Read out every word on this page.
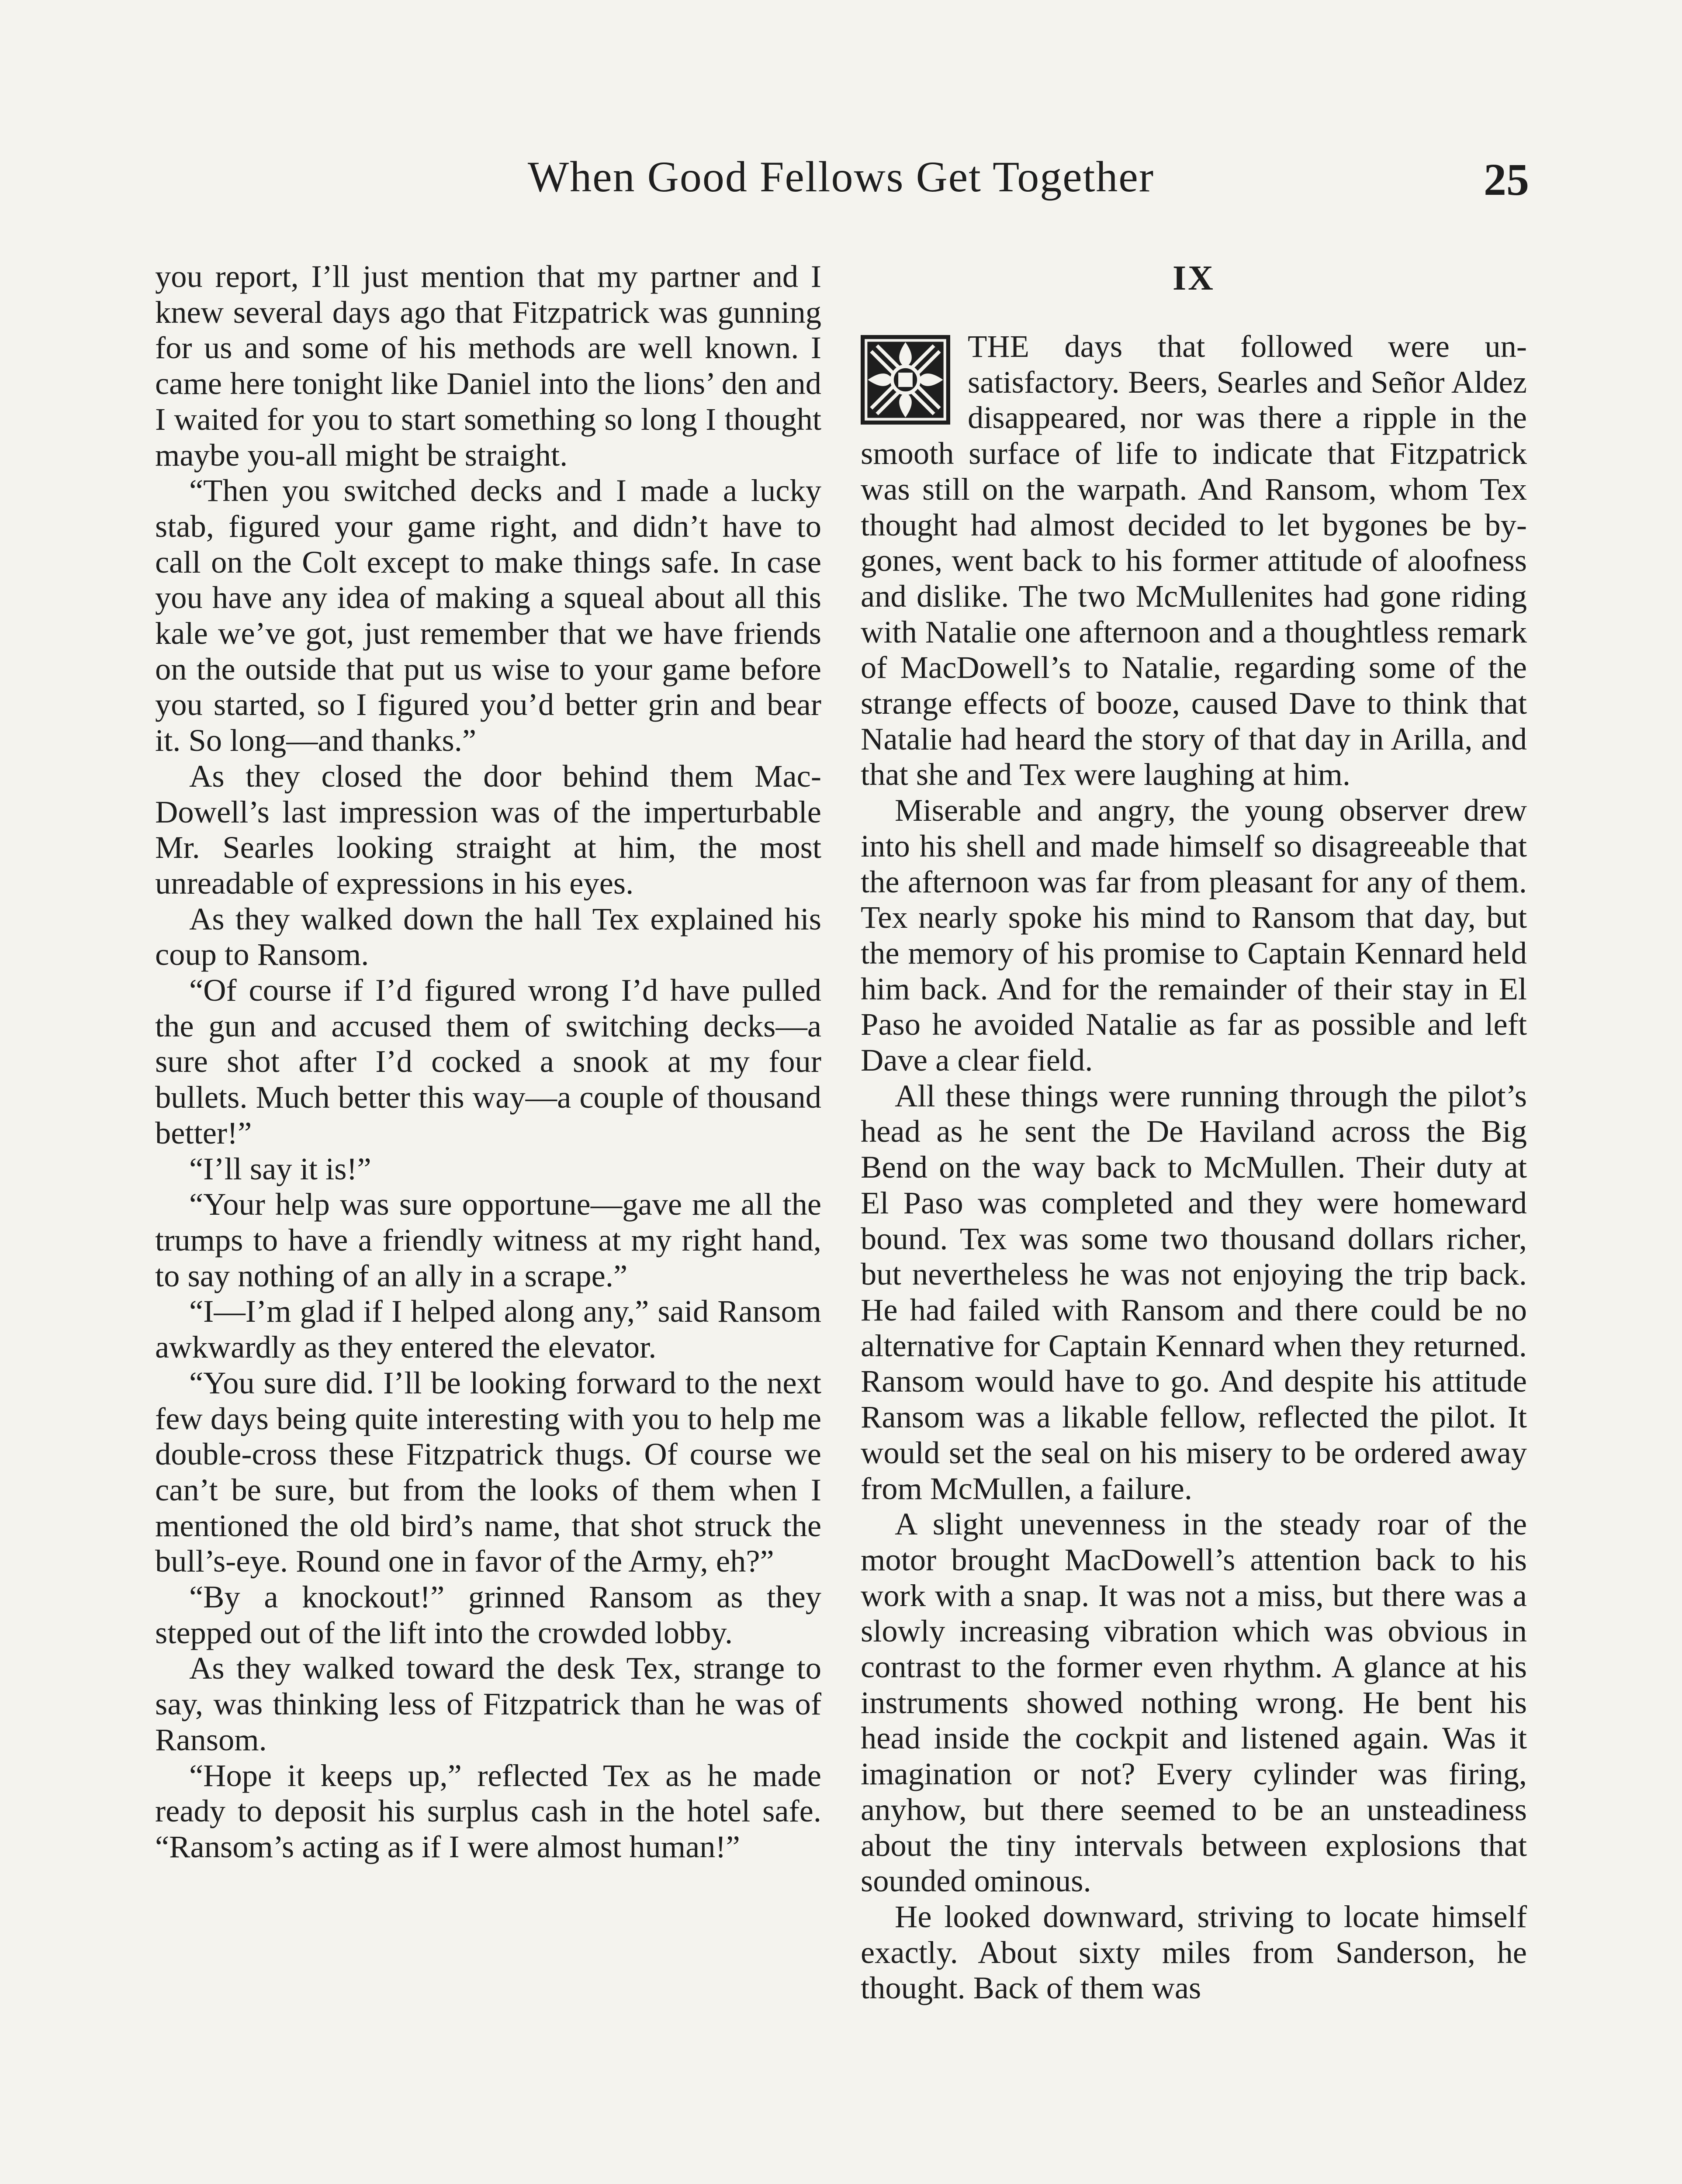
When Good Fellows Get Together	25

you report, I’ll just mention that my partner and I knew several days ago that Fitzpatrick was gunning for us and some of his methods are well known. I came here tonight like Daniel into the lions’ den and I waited for you to start something so long I thought maybe you-all might be straight.

“Then you switched decks and I made a lucky stab, figured your game right, and didn’t have to call on the Colt except to make things safe. In case you have any idea of making a squeal about all this kale we’ve got, just remember that we have friends on the outside that put us wise to your game before you started, so I figured you’d better grin and bear it. So long—and thanks.”

As they closed the door behind them MacDowell’s last impression was of the imperturbable Mr. Searles looking straight at him, the most unreadable of expressions in his eyes.

As they walked down the hall Tex explained his coup to Ransom.

“Of course if I’d figured wrong I’d have pulled the gun and accused them of switching decks—a sure shot after I’d cocked a snook at my four bullets. Much better this way—a couple of thousand better!”

“I’ll say it is!”

“Your help was sure opportune—gave me all the trumps to have a friendly witness at my right hand, to say nothing of an ally in a scrape.”

“I—I’m glad if I helped along any,” said Ransom awkwardly as they entered the elevator.

“You sure did. I’ll be looking forward to the next few days being quite interesting with you to help me double-cross these Fitzpatrick thugs. Of course we can’t be sure, but from the looks of them when I mentioned the old bird’s name, that shot struck the bull’s-eye. Round one in favor of the Army, eh?”

“By a knockout!” grinned Ransom as they stepped out of the lift into the crowded lobby.

As they walked toward the desk Tex, strange to say, was thinking less of Fitzpatrick than he was of Ransom.

“Hope it keeps up,” reflected Tex as he made ready to deposit his surplus cash in the hotel safe. “Ransom’s acting as if I were almost human!”

IX

THE days that followed were unsatisfactory. Beers, Searles and Señor Aldez disappeared, nor was there a ripple in the smooth surface of life to indicate that Fitzpatrick was still on the warpath. And Ransom, whom Tex thought had almost decided to let bygones be bygones, went back to his former attitude of aloofness and dislike. The two McMullenites had gone riding with Natalie one afternoon and a thoughtless remark of MacDowell’s to Natalie, regarding some of the strange effects of booze, caused Dave to think that Natalie had heard the story of that day in Arilla, and that she and Tex were laughing at him.

Miserable and angry, the young observer drew into his shell and made himself so disagreeable that the afternoon was far from pleasant for any of them. Tex nearly spoke his mind to Ransom that day, but the memory of his promise to Captain Kennard held him back. And for the remainder of their stay in El Paso he avoided Natalie as far as possible and left Dave a clear field.

All these things were running through the pilot’s head as he sent the De Haviland across the Big Bend on the way back to McMullen. Their duty at El Paso was completed and they were homeward bound. Tex was some two thousand dollars richer, but nevertheless he was not enjoying the trip back. He had failed with Ransom and there could be no alternative for Captain Kennard when they returned. Ransom would have to go. And despite his attitude Ransom was a likable fellow, reflected the pilot. It would set the seal on his misery to be ordered away from McMullen, a failure.

A slight unevenness in the steady roar of the motor brought MacDowell’s attention back to his work with a snap. It was not a miss, but there was a slowly increasing vibration which was obvious in contrast to the former even rhythm. A glance at his instruments showed nothing wrong. He bent his head inside the cockpit and listened again. Was it imagination or not? Every cylinder was firing, anyhow, but there seemed to be an unsteadiness about the tiny intervals between explosions that sounded ominous.

He looked downward, striving to locate himself exactly. About sixty miles from Sanderson, he thought. Back of them was
